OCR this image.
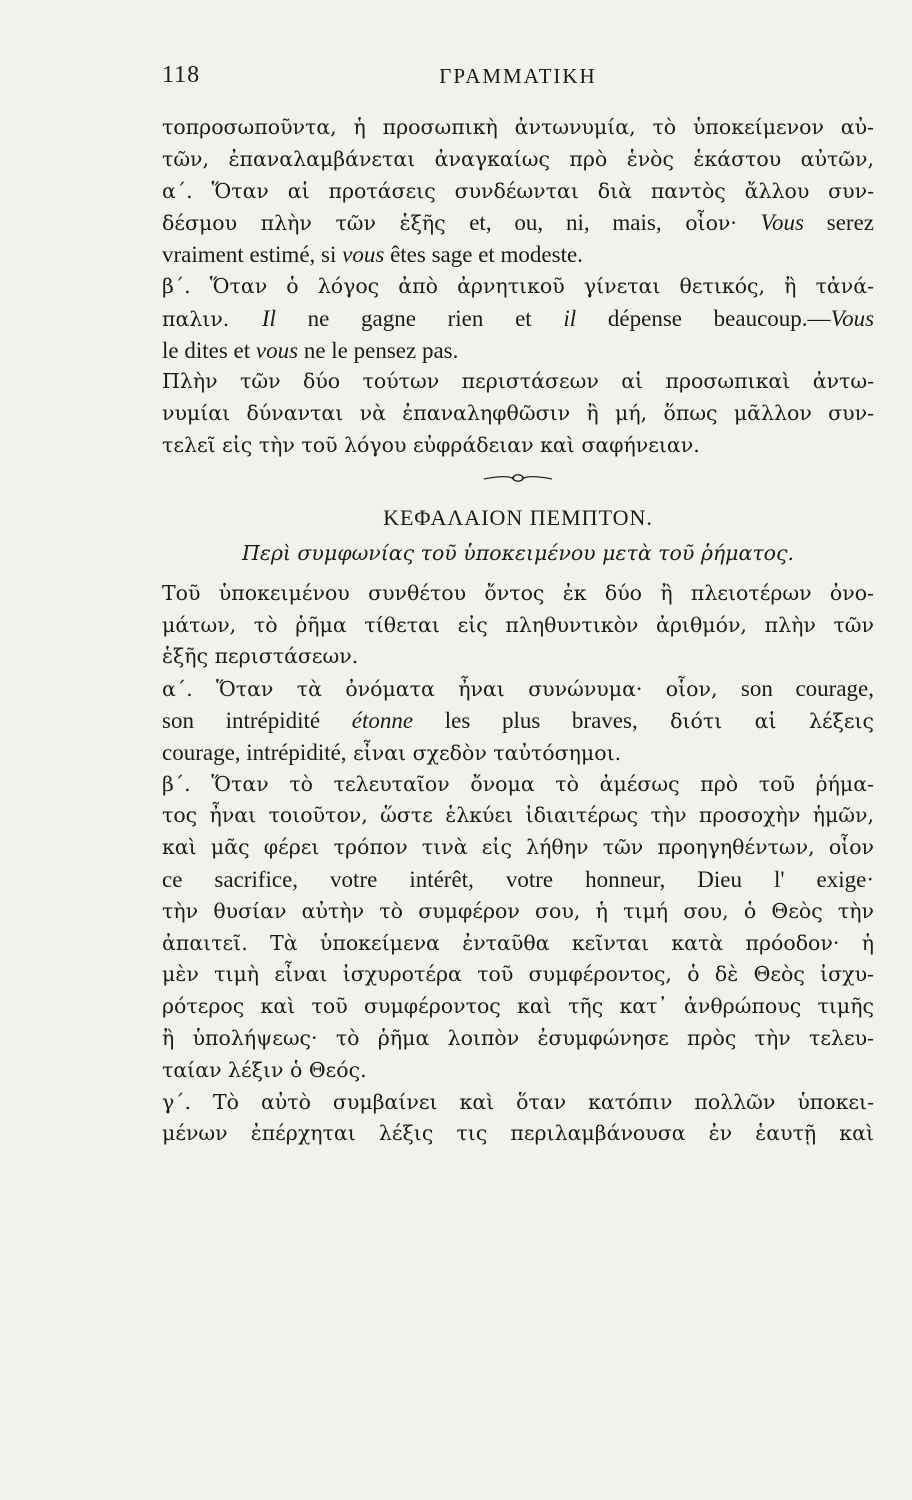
118	ΓΡΑΜΜΑΤΙΚΗ
τοπροσωποῦντα, ἡ προσωπικὴ ἀντωνυμία, τὸ ὑποκείμενον αὐ-
τῶν, ἐπαναλαμβάνεται ἀναγκαίως πρὸ ἑνὸς ἑκάστου αὐτῶν,
α΄. Ὅταν αἱ προτάσεις συνδέωνται διὰ παντὸς ἄλλου συν-
δέσμου πλὴν τῶν ἑξῆς et, ou, ni, mais, οἷον· Vous serez
vraiment estimé, si vous êtes sage et modeste.
β΄. Ὅταν ὁ λόγος ἀπὸ ἀρνητικοῦ γίνεται θετικός, ἢ τἀνά-
παλιν. Il ne gagne rien et il dépense beaucoup.—Vous
le dites et vous ne le pensez pas.
Πλὴν τῶν δύο τούτων περιστάσεων αἱ προσωπικαὶ ἀντω-
νυμίαι δύνανται νὰ ἐπαναληφθῶσιν ἢ μή, ὅπως μᾶλλον συν-
τελεῖ εἰς τὴν τοῦ λόγου εὐφράδειαν καὶ σαφήνειαν.
ΚΕΦΑΛΑΙΟΝ ΠΕΜΠΤΟΝ.
Περὶ συμφωνίας τοῦ ὑποκειμένου μετὰ τοῦ ῥήματος.
Τοῦ ὑποκειμένου συνθέτου ὄντος ἐκ δύο ἢ πλειοτέρων ὀνο-
μάτων, τὸ ῥῆμα τίθεται εἰς πληθυντικὸν ἀριθμόν, πλὴν τῶν
ἑξῆς περιστάσεων.
α΄. Ὅταν τὰ ὀνόματα ἦναι συνώνυμα· οἷον, son courage,
son intrépidité étonne les plus braves, διότι αἱ λέξεις
courage, intrépidité, εἶναι σχεδὸν ταὐτόσημοι.
β΄. Ὅταν τὸ τελευταῖον ὄνομα τὸ ἀμέσως πρὸ τοῦ ῥήμα-
τος ἦναι τοιοῦτον, ὥστε ἑλκύει ἰδιαιτέρως τὴν προσοχὴν ἡμῶν,
καὶ μᾶς φέρει τρόπον τινὰ εἰς λήθην τῶν προηγηθέντων, οἷον
ce sacrifice, votre intérêt, votre honneur, Dieu l' exige·
τὴν θυσίαν αὐτὴν τὸ συμφέρον σου, ἡ τιμή σου, ὁ Θεὸς τὴν
ἀπαιτεῖ. Τὰ ὑποκείμενα ἐνταῦθα κεῖνται κατὰ πρόοδον· ἡ
μὲν τιμὴ εἶναι ἰσχυροτέρα τοῦ συμφέροντος, ὁ δὲ Θεὸς ἰσχυ-
ρότερος καὶ τοῦ συμφέροντος καὶ τῆς κατ᾽ ἀνθρώπους τιμῆς
ἢ ὑπολήψεως· τὸ ῥῆμα λοιπὸν ἐσυμφώνησε πρὸς τὴν τελευ-
ταίαν λέξιν ὁ Θεός.
γ΄. Τὸ αὐτὸ συμβαίνει καὶ ὅταν κατόπιν πολλῶν ὑποκει-
μένων ἐπέρχηται λέξις τις περιλαμβάνουσα ἐν ἑαυτῇ καὶ
